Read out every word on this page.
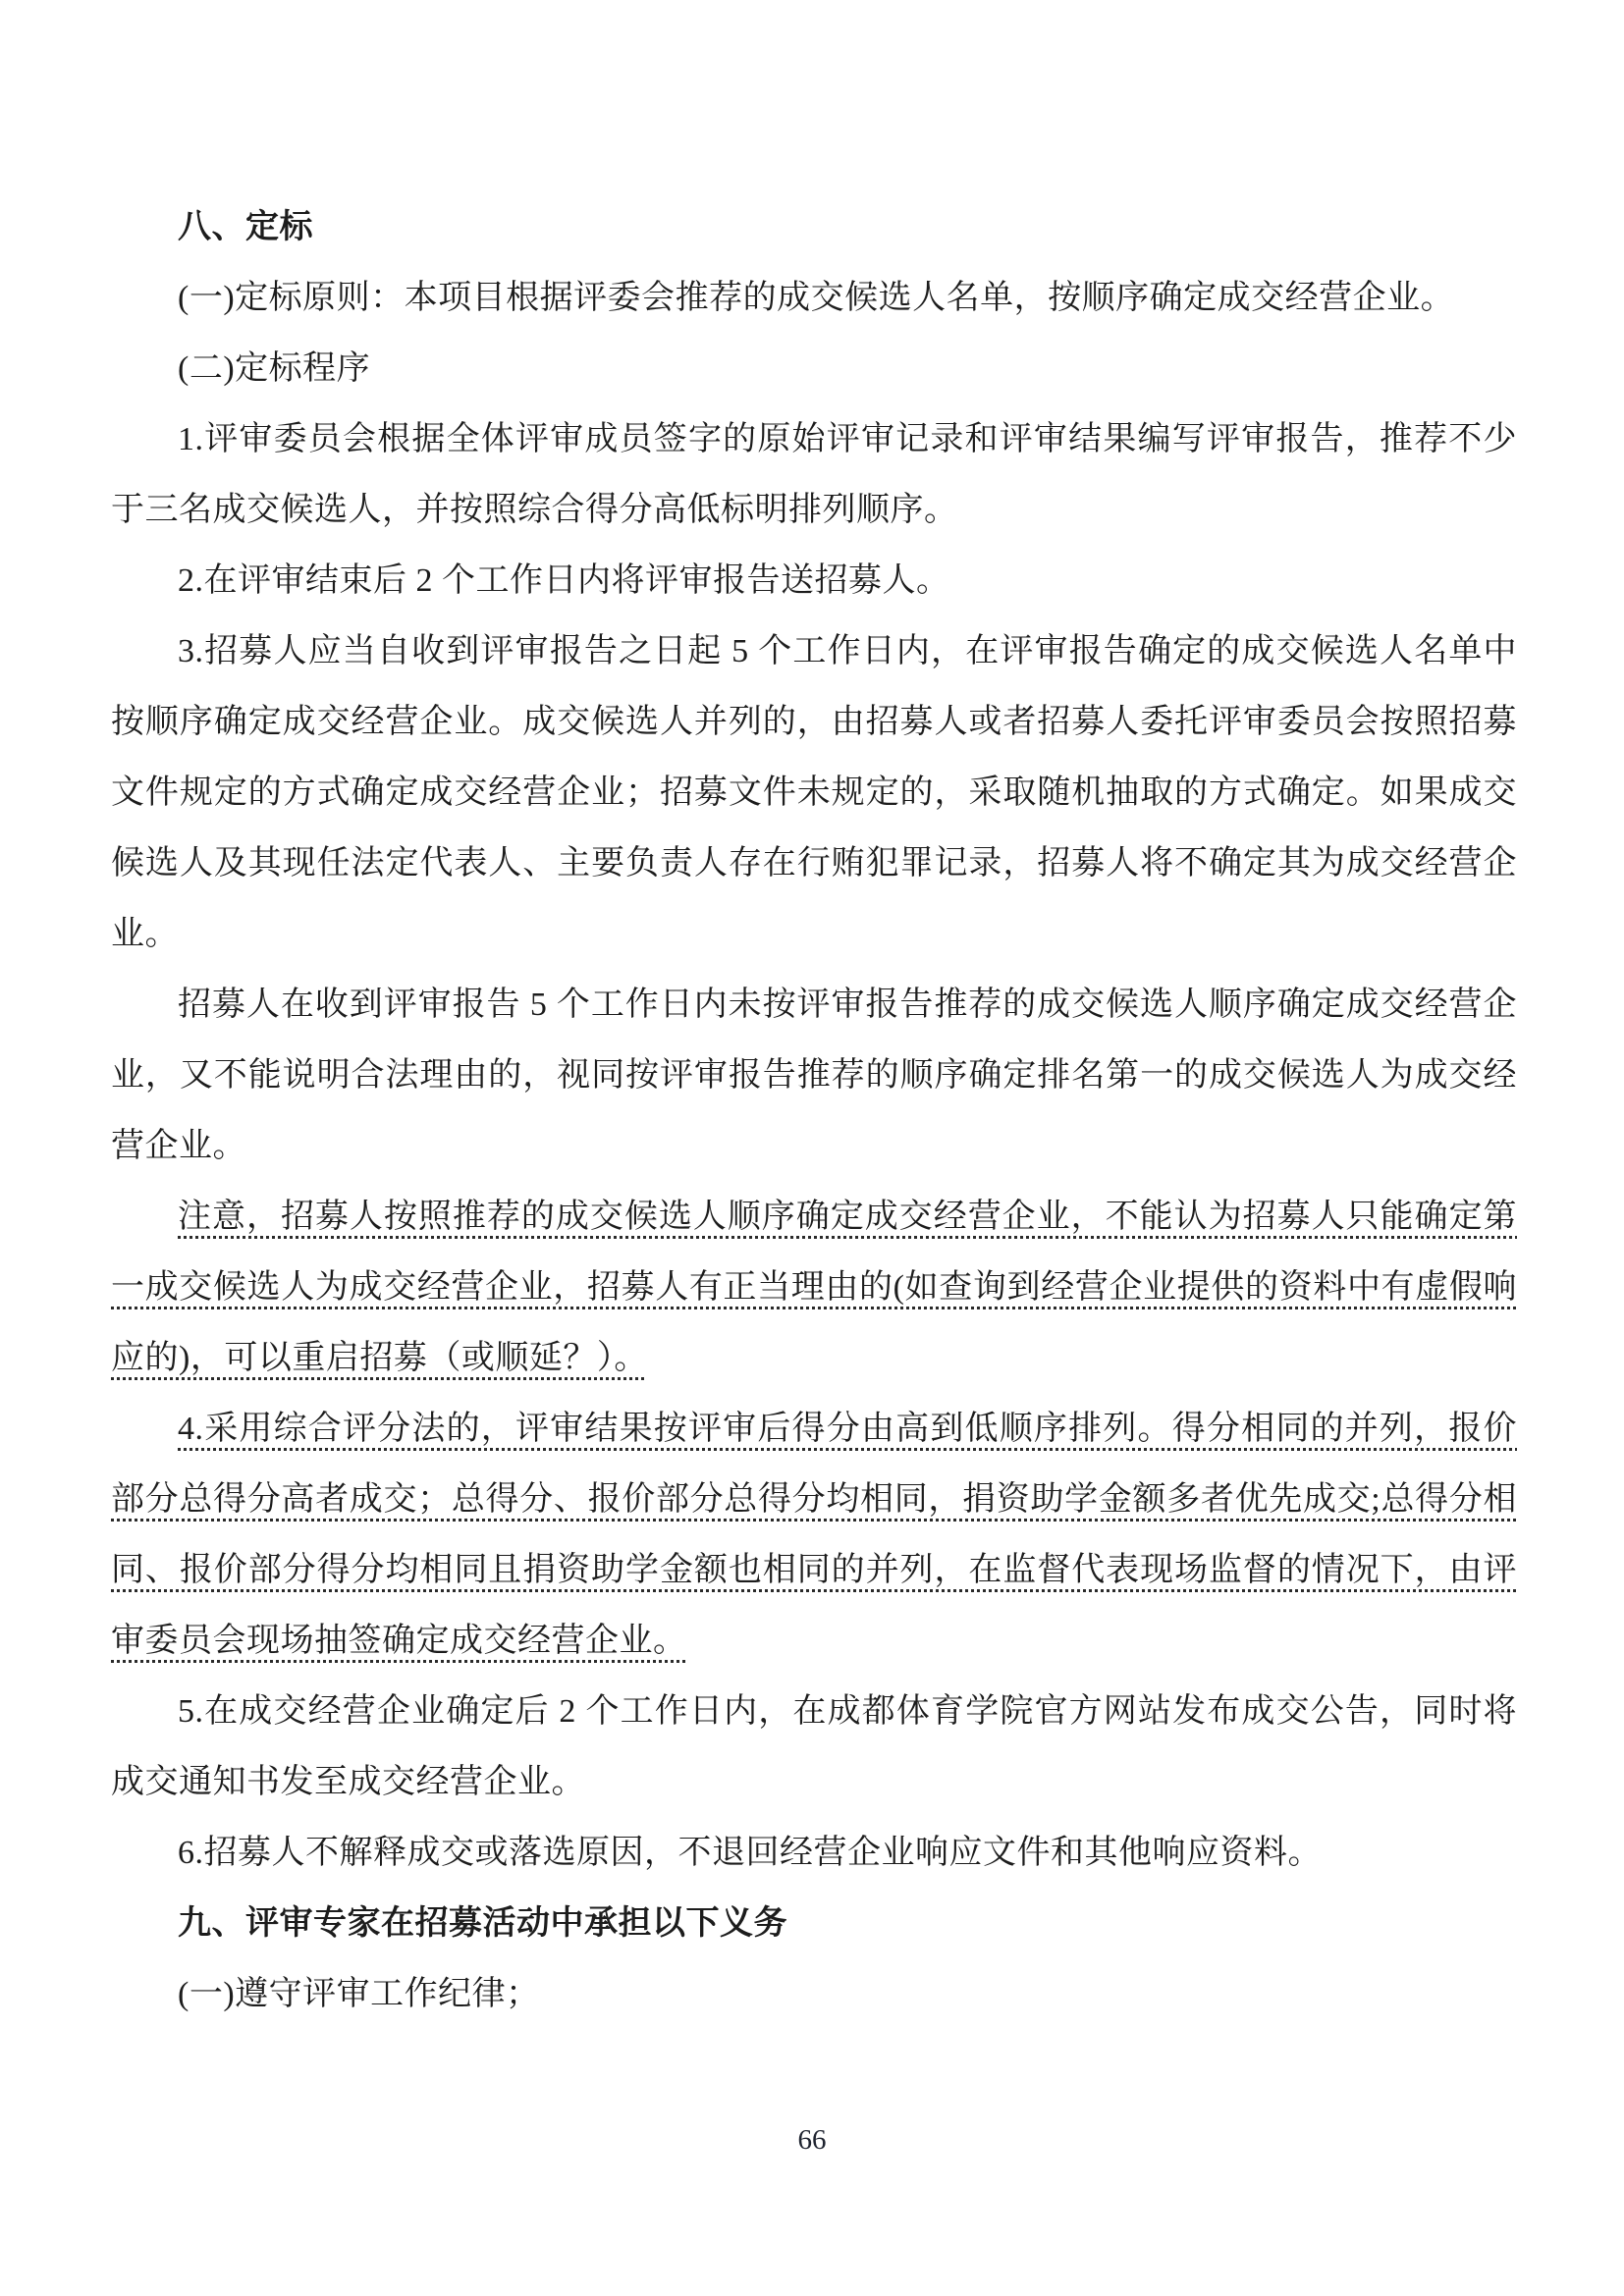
八、定标

(一)定标原则：本项目根据评委会推荐的成交候选人名单，按顺序确定成交经营企业。

(二)定标程序

1.评审委员会根据全体评审成员签字的原始评审记录和评审结果编写评审报告，推荐不少于三名成交候选人，并按照综合得分高低标明排列顺序。

2.在评审结束后 2 个工作日内将评审报告送招募人。

3.招募人应当自收到评审报告之日起 5 个工作日内，在评审报告确定的成交候选人名单中按顺序确定成交经营企业。成交候选人并列的，由招募人或者招募人委托评审委员会按照招募文件规定的方式确定成交经营企业；招募文件未规定的，采取随机抽取的方式确定。如果成交候选人及其现任法定代表人、主要负责人存在行贿犯罪记录，招募人将不确定其为成交经营企业。

招募人在收到评审报告 5 个工作日内未按评审报告推荐的成交候选人顺序确定成交经营企业，又不能说明合法理由的，视同按评审报告推荐的顺序确定排名第一的成交候选人为成交经营企业。

注意，招募人按照推荐的成交候选人顺序确定成交经营企业，不能认为招募人只能确定第一成交候选人为成交经营企业，招募人有正当理由的(如查询到经营企业提供的资料中有虚假响应的)，可以重启招募（或顺延？）。

4.采用综合评分法的，评审结果按评审后得分由高到低顺序排列。得分相同的并列，报价部分总得分高者成交；总得分、报价部分总得分均相同，捐资助学金额多者优先成交;总得分相同、报价部分得分均相同且捐资助学金额也相同的并列，在监督代表现场监督的情况下，由评审委员会现场抽签确定成交经营企业。

5.在成交经营企业确定后 2 个工作日内，在成都体育学院官方网站发布成交公告，同时将成交通知书发至成交经营企业。

6.招募人不解释成交或落选原因，不退回经营企业响应文件和其他响应资料。

九、评审专家在招募活动中承担以下义务

(一)遵守评审工作纪律；

66
